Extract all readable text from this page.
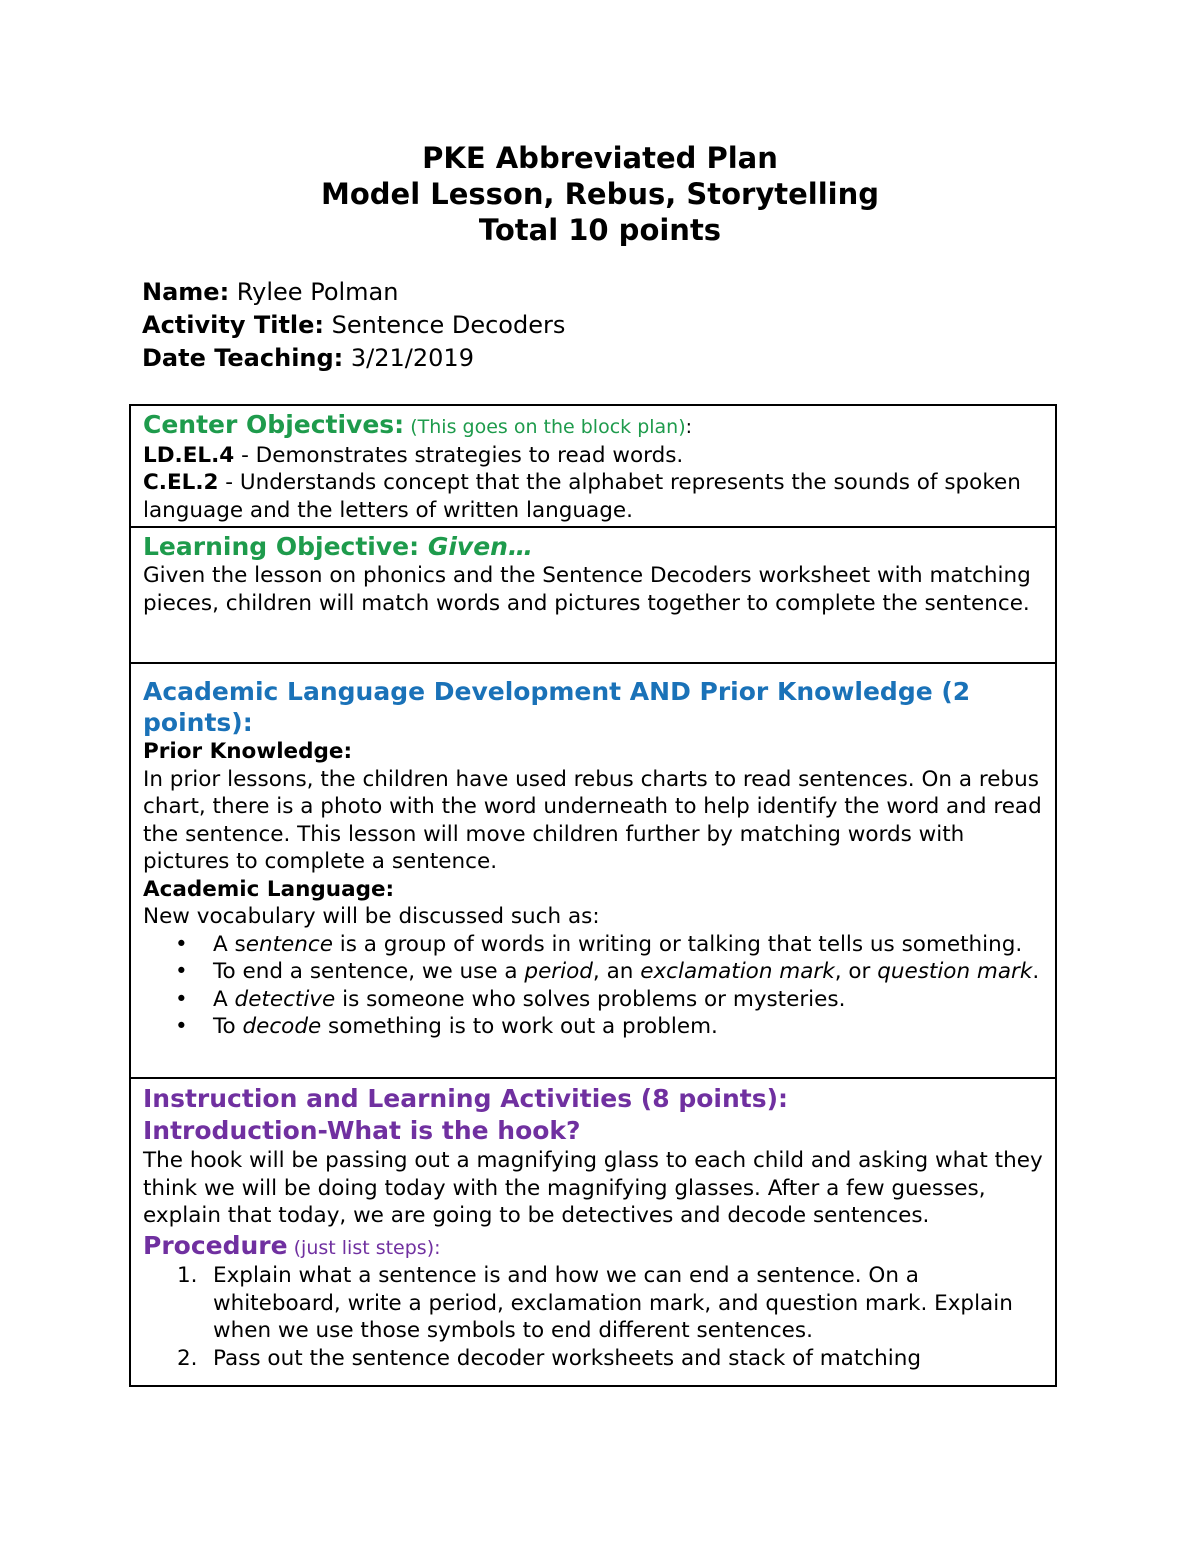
PKE Abbreviated Plan
Model Lesson, Rebus, Storytelling
Total 10 points
Name: Rylee Polman
Activity Title: Sentence Decoders
Date Teaching: 3/21/2019
Center Objectives: (This goes on the block plan):
LD.EL.4 - Demonstrates strategies to read words.
C.EL.2 - Understands concept that the alphabet represents the sounds of spoken language and the letters of written language.

Learning Objective: Given…
Given the lesson on phonics and the Sentence Decoders worksheet with matching pieces, children will match words and pictures together to complete the sentence.

Academic Language Development AND Prior Knowledge (2 points):
Prior Knowledge:
In prior lessons, the children have used rebus charts to read sentences. On a rebus chart, there is a photo with the word underneath to help identify the word and read the sentence. This lesson will move children further by matching words with pictures to complete a sentence.
Academic Language:
New vocabulary will be discussed such as:
• A sentence is a group of words in writing or talking that tells us something.
• To end a sentence, we use a period, an exclamation mark, or question mark.
• A detective is someone who solves problems or mysteries.
• To decode something is to work out a problem.

Instruction and Learning Activities (8 points):
Introduction-What is the hook?
The hook will be passing out a magnifying glass to each child and asking what they think we will be doing today with the magnifying glasses. After a few guesses, explain that today, we are going to be detectives and decode sentences.
Procedure (just list steps):
1. Explain what a sentence is and how we can end a sentence. On a whiteboard, write a period, exclamation mark, and question mark. Explain when we use those symbols to end different sentences.
2. Pass out the sentence decoder worksheets and stack of matching
